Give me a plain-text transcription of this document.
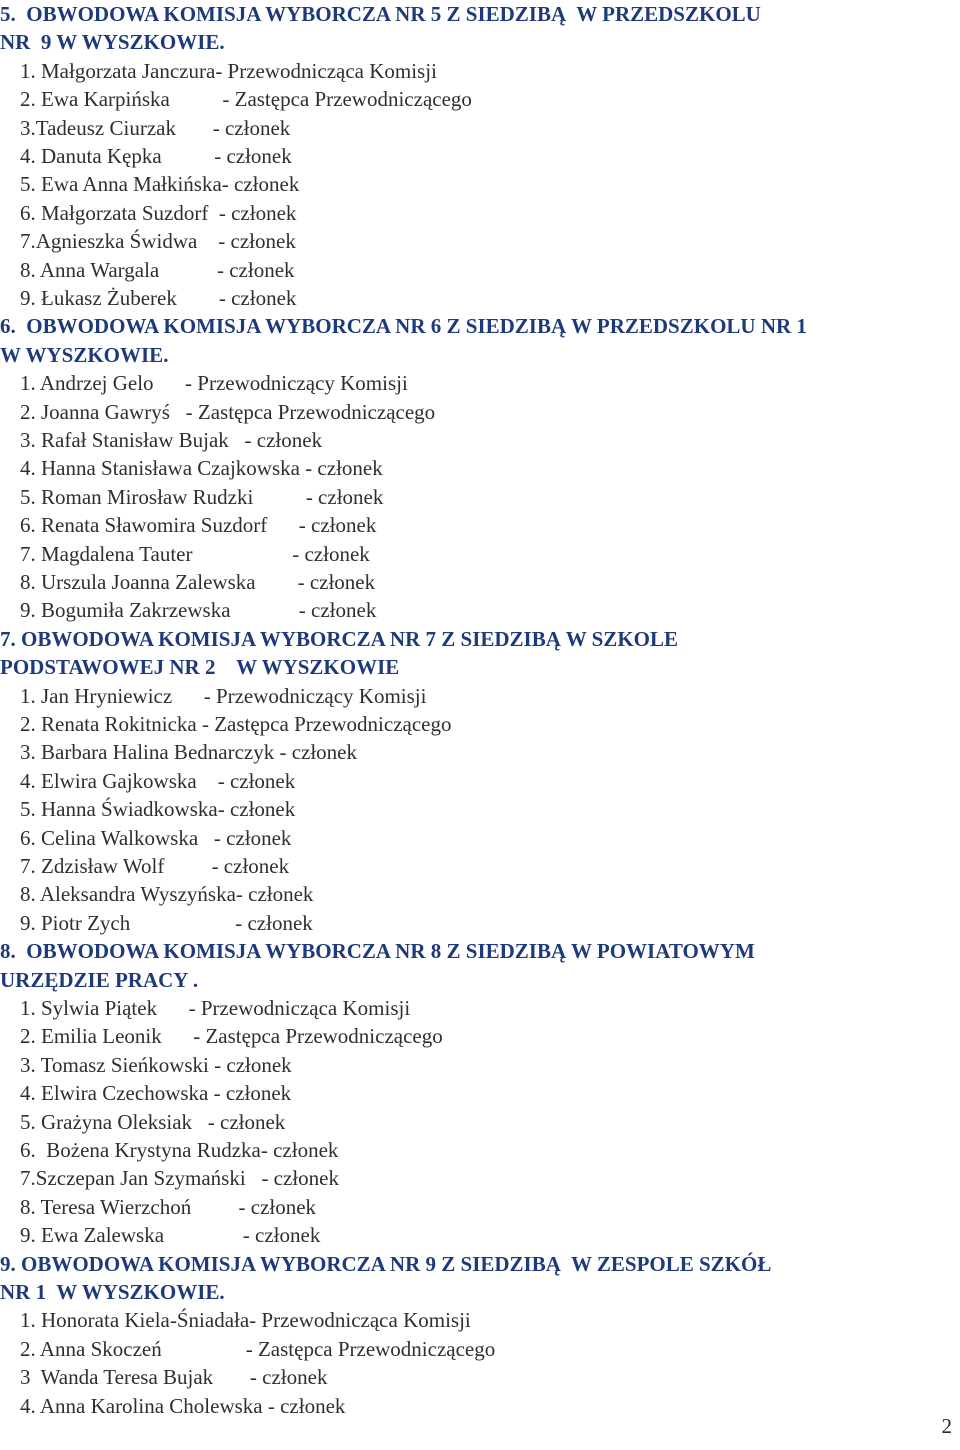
5.  OBWODOWA KOMISJA WYBORCZA NR 5 Z SIEDZIBĄ  W PRZEDSZKOLU
NR  9 W WYSZKOWIE.
1. Małgorzata Janczura- Przewodnicząca Komisji
2. Ewa Karpińska          - Zastępca Przewodniczącego
3.Tadeusz Ciurzak       - członek
4. Danuta Kępka          - członek
5. Ewa Anna Małkińska- członek
6. Małgorzata Suzdorf  - członek
7.Agnieszka Świdwa    - członek
8. Anna Wargala           - członek
9. Łukasz Żuberek        - członek
6.  OBWODOWA KOMISJA WYBORCZA NR 6 Z SIEDZIBĄ W PRZEDSZKOLU NR 1
W WYSZKOWIE.
1. Andrzej Gelo      - Przewodniczący Komisji
2. Joanna Gawryś   - Zastępca Przewodniczącego
3. Rafał Stanisław Bujak   - członek
4. Hanna Stanisława Czajkowska - członek
5. Roman Mirosław Rudzki          - członek
6. Renata Sławomira Suzdorf      - członek
7. Magdalena Tauter                   - członek
8. Urszula Joanna Zalewska        - członek
9. Bogumiła Zakrzewska             - członek
7. OBWODOWA KOMISJA WYBORCZA NR 7 Z SIEDZIBĄ W SZKOLE
PODSTAWOWEJ NR 2    W WYSZKOWIE
1. Jan Hryniewicz      - Przewodniczący Komisji
2. Renata Rokitnicka - Zastępca Przewodniczącego
3. Barbara Halina Bednarczyk - członek
4. Elwira Gajkowska    - członek
5. Hanna Świadkowska- członek
6. Celina Walkowska   - członek
7. Zdzisław Wolf         - członek
8. Aleksandra Wyszyńska- członek
9. Piotr Zych                    - członek
8.  OBWODOWA KOMISJA WYBORCZA NR 8 Z SIEDZIBĄ W POWIATOWYM
URZĘDZIE PRACY .
1. Sylwia Piątek      - Przewodnicząca Komisji
2. Emilia Leonik      - Zastępca Przewodniczącego
3. Tomasz Sieńkowski - członek
4. Elwira Czechowska - członek
5. Grażyna Oleksiak   - członek
6.  Bożena Krystyna Rudzka- członek
7.Szczepan Jan Szymański   - członek
8. Teresa Wierzchoń         - członek
9. Ewa Zalewska               - członek
9. OBWODOWA KOMISJA WYBORCZA NR 9 Z SIEDZIBĄ  W ZESPOLE SZKÓŁ
NR 1  W WYSZKOWIE.
1. Honorata Kiela-Śniadała- Przewodnicząca Komisji
2. Anna Skoczeń                - Zastępca Przewodniczącego
3  Wanda Teresa Bujak       - członek
4. Anna Karolina Cholewska - członek
2
